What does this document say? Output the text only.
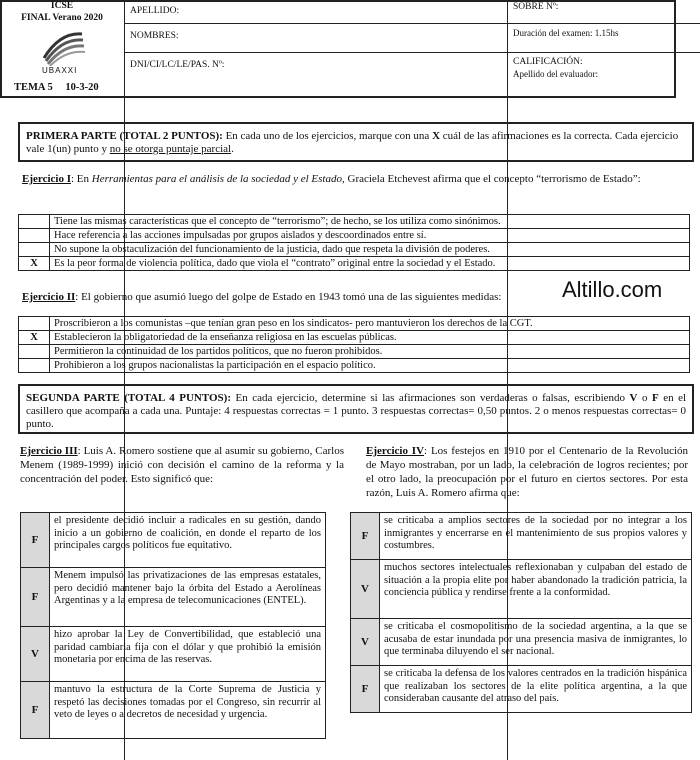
ICSE
FINAL Verano 2020
UBAXXI
TEMA 5 10-3-20
APELLIDO:
NOMBRES:
DNI/CI/LC/LE/PAS. Nº:
SOBRE Nº:
Duración del examen: 1.15hs
CALIFICACIÓN:
Apellido del evaluador:

PRIMERA PARTE (TOTAL 2 PUNTOS): En cada uno de los ejercicios, marque con una X cuál de las afirmaciones es la correcta. Cada ejercicio vale 1(un) punto y no se otorga puntaje parcial.

Ejercicio I: En Herramientas para el análisis de la sociedad y el Estado, Graciela Etchevest afirma que el concepto “terrorismo de Estado”:
	Tiene las mismas características que el concepto de “terrorismo”; de hecho, se los utiliza como sinónimos.
	Hace referencia a las acciones impulsadas por grupos aislados y descoordinados entre sí.
	No supone la obstaculización del funcionamiento de la justicia, dado que respeta la división de poderes.
X	Es la peor forma de violencia política, dado que viola el “contrato” original entre la sociedad y el Estado.
Ejercicio II: El gobierno que asumió luego del golpe de Estado en 1943 tomó una de las siguientes medidas:	Altillo.com
	Proscribieron a los comunistas –que tenían gran peso en los sindicatos- pero mantuvieron los derechos de la CGT.
X	Establecieron la obligatoriedad de la enseñanza religiosa en las escuelas públicas.
	Permitieron la continuidad de los partidos políticos, que no fueron prohibidos.
	Prohibieron a los grupos nacionalistas la participación en el espacio político.

SEGUNDA PARTE (TOTAL 4 PUNTOS): En cada ejercicio, determine si las afirmaciones son verdaderas o falsas, escribiendo V o F en el casillero que acompaña a cada una. Puntaje: 4 respuestas correctas = 1 punto. 3 respuestas correctas= 0,50 puntos. 2 o menos respuestas correctas= 0 punto.

Ejercicio III: Luis A. Romero sostiene que al asumir su gobierno, Carlos Menem (1989-1999) inició con decisión el camino de la reforma y la concentración del poder. Esto significó que:
F	el presidente decidió incluir a radicales en su gestión, dando inicio a un gobierno de coalición, en donde el reparto de los principales cargos políticos fue equitativo.
F	Menem impulsó las privatizaciones de las empresas estatales, pero decidió mantener bajo la órbita del Estado a Aerolíneas Argentinas y a la empresa de telecomunicaciones (ENTEL).
V	hizo aprobar la Ley de Convertibilidad, que estableció una paridad cambiaria fija con el dólar y que prohibió la emisión monetaria por encima de las reservas.
F	mantuvo la estructura de la Corte Suprema de Justicia y respetó las decisiones tomadas por el Congreso, sin recurrir al veto de leyes o a decretos de necesidad y urgencia.
Ejercicio IV: Los festejos en 1910 por el Centenario de la Revolución de Mayo mostraban, por un lado, la celebración de logros recientes; por el otro lado, la preocupación por el futuro en ciertos sectores. Por esta razón, Luis A. Romero afirma que:
F	se criticaba a amplios sectores de la sociedad por no integrar a los inmigrantes y encerrarse en el mantenimiento de sus propios valores y costumbres.
V	muchos sectores intelectuales reflexionaban y culpaban del estado de situación a la propia elite por haber abandonado la tradición patricia, la conciencia pública y rendirse frente a la conformidad.
V	se criticaba el cosmopolitismo de la sociedad argentina, a la que se acusaba de estar inundada por una presencia masiva de inmigrantes, lo que terminaba diluyendo el ser nacional.
F	se criticaba la defensa de los valores centrados en la tradición hispánica que realizaban los sectores de la elite política argentina, a la que consideraban causante del atraso del país.
